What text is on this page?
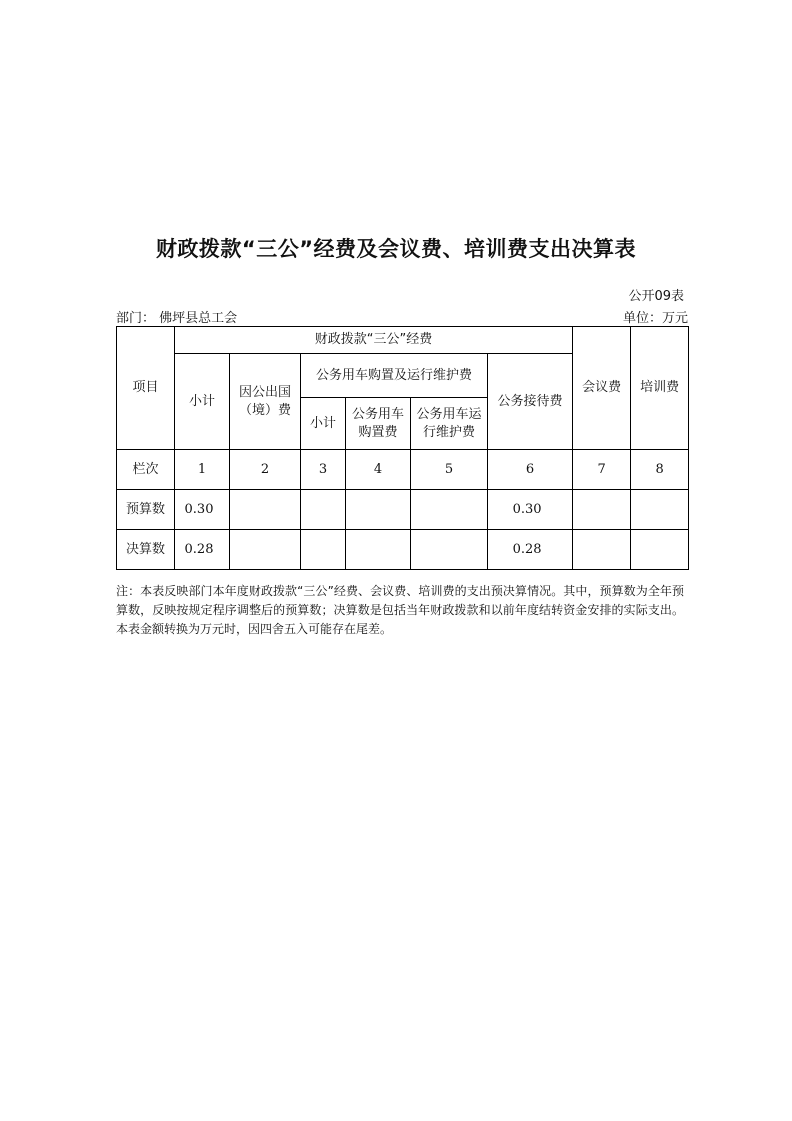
财政拨款“三公”经费及会议费、培训费支出决算表
公开09表
部门： 佛坪县总工会	单位：万元
项目	财政拨款“三公”经费						会议费	培训费
	小计	因公出国（境）费	公务用车购置及运行维护费			公务接待费		
			小计	公务用车购置费	公务用车运行维护费			
栏次	1	2	3	4	5	6	7	8
预算数	0.30					0.30		
决算数	0.28					0.28		
注：本表反映部门本年度财政拨款“三公”经费、会议费、培训费的支出预决算情况。其中，预算数为全年预算数，反映按规定程序调整后的预算数；决算数是包括当年财政拨款和以前年度结转资金安排的实际支出。本表金额转换为万元时，因四舍五入可能存在尾差。
